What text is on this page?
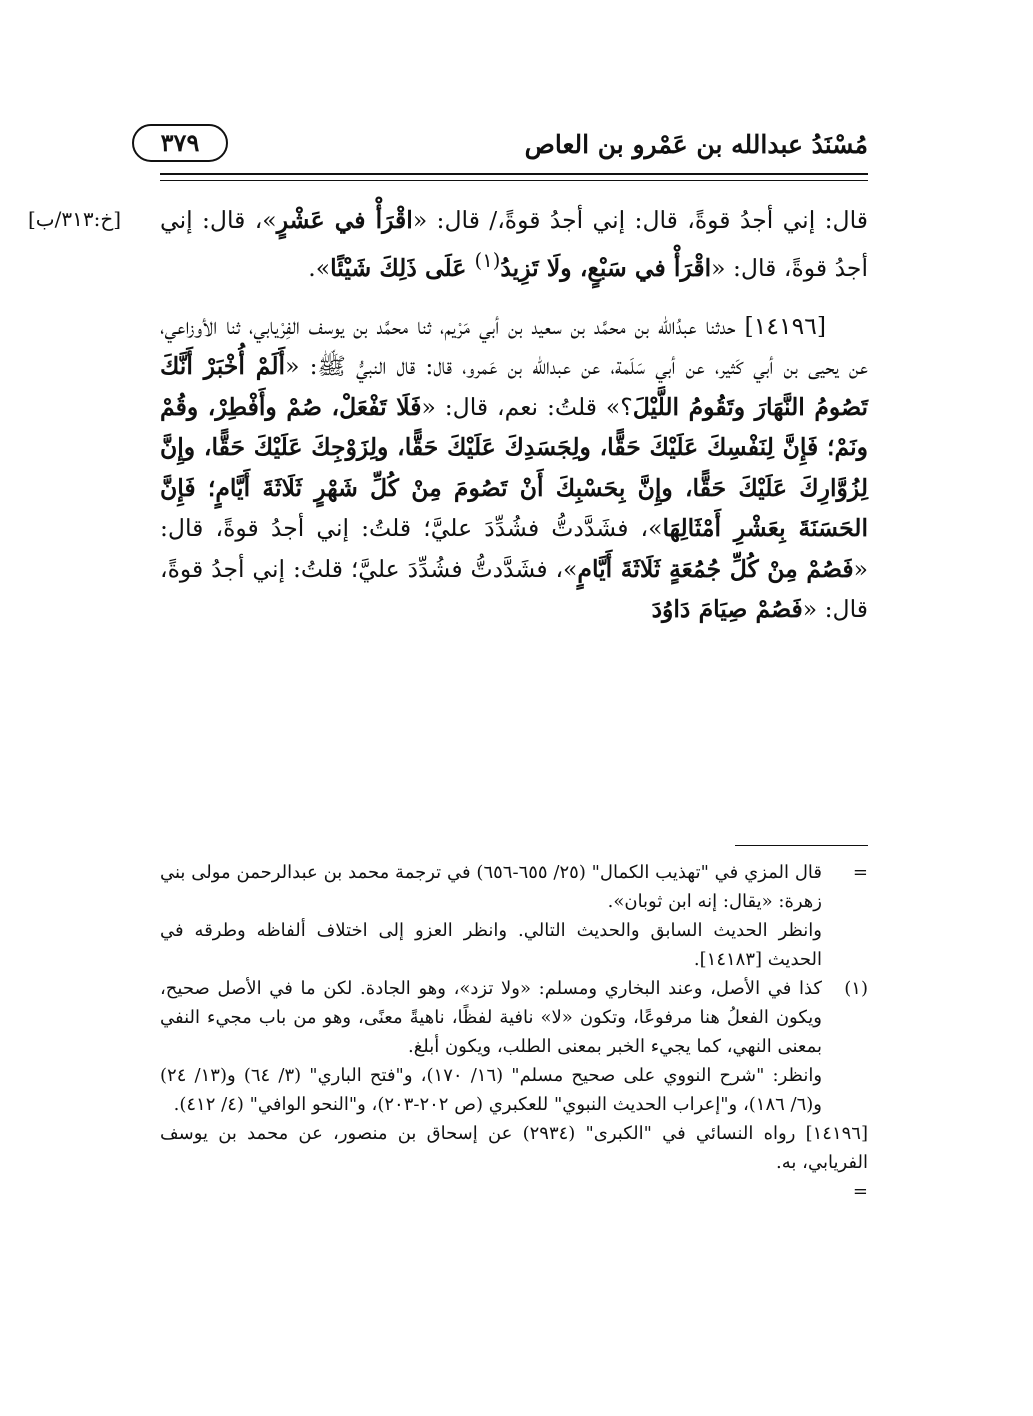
٣٧٩	مُسْنَدُ عبدالله بن عَمْرو بن العاص
[خ:٣١٣/ب]	قال: إني أجدُ قوةً، قال: إني أجدُ قوةً،/ قال: «اقْرَأْ في عَشْرٍ»، قال: إني أجدُ قوةً، قال: «اقْرَأْ في سَبْعٍ، ولَا تَزِيدُ$^{(١)}$ عَلَى ذَلِكَ شَيْئًا».

[١٤١٩٦] حدثنا عبدُالله بن محمَّد بن سعيد بن أبي مَرْيم، ثنا محمَّد بن يوسف الفِرْيابي، ثنا الأوزاعي، عن يحيى بن أبي كَثير، عن أبي سَلَمة، عن عبدالله بن عَمرو، قال: قال النبيُّ ﷺ: «أَلَمْ أُخْبَرْ أَنَّكَ تَصُومُ النَّهَارَ وتَقُومُ اللَّيْلَ؟» قلتُ: نعم، قال: «فَلَا تَفْعَلْ، صُمْ وأَفْطِرْ، وقُمْ ونَمْ؛ فَإِنَّ لِنَفْسِكَ عَلَيْكَ حَقًّا، ولِجَسَدِكَ عَلَيْكَ حَقًّا، ولِزَوْجِكَ عَلَيْكَ حَقًّا، وإِنَّ لِزُوَّارِكَ عَلَيْكَ حَقًّا، وإِنَّ بِحَسْبِكَ أَنْ تَصُومَ مِنْ كُلِّ شَهْرٍ ثَلَاثَةَ أَيَّامٍ؛ فَإِنَّ الحَسَنَةَ بِعَشْرِ أَمْثَالِهَا»، فشَدَّدتُّ فشُدِّدَ عليَّ؛ قلتُ: إني أجدُ قوةً، قال: «فَصُمْ مِنْ كُلِّ جُمُعَةٍ ثَلَاثَةَ أَيَّامٍ»، فشَدَّدتُّ فشُدِّدَ عليَّ؛ قلتُ: إني أجدُ قوةً، قال: «فَصُمْ صِيَامَ دَاوُدَ

=

قال المزي في "تهذيب الكمال" (٢٥/ ٦٥٥-٦٥٦) في ترجمة محمد بن عبدالرحمن مولى بني زهرة: «يقال: إنه ابن ثوبان».

وانظر الحديث السابق والحديث التالي. وانظر العزو إلى اختلاف ألفاظه وطرقه في الحديث [١٤١٨٣].

(١)

كذا في الأصل، وعند البخاري ومسلم: «ولا تزد»، وهو الجادة. لكن ما في الأصل صحيح، ويكون الفعلُ هنا مرفوعًا، وتكون «لا» نافية لفظًا، ناهيةً معنًى، وهو من باب مجيء النفي بمعنى النهي، كما يجيء الخبر بمعنى الطلب، ويكون أبلغ.

وانظر: "شرح النووي على صحيح مسلم" (١٦/ ١٧٠)، و"فتح الباري" (٣/ ٦٤) و(١٣/ ٢٤) و(٦/ ١٨٦)، و"إعراب الحديث النبوي" للعكبري (ص ٢٠٢-٢٠٣)، و"النحو الوافي" (٤/ ٤١٢).

[١٤١٩٦] رواه النسائي في "الكبرى" (٢٩٣٤) عن إسحاق بن منصور، عن محمد بن يوسف الفريابي، به.

=
